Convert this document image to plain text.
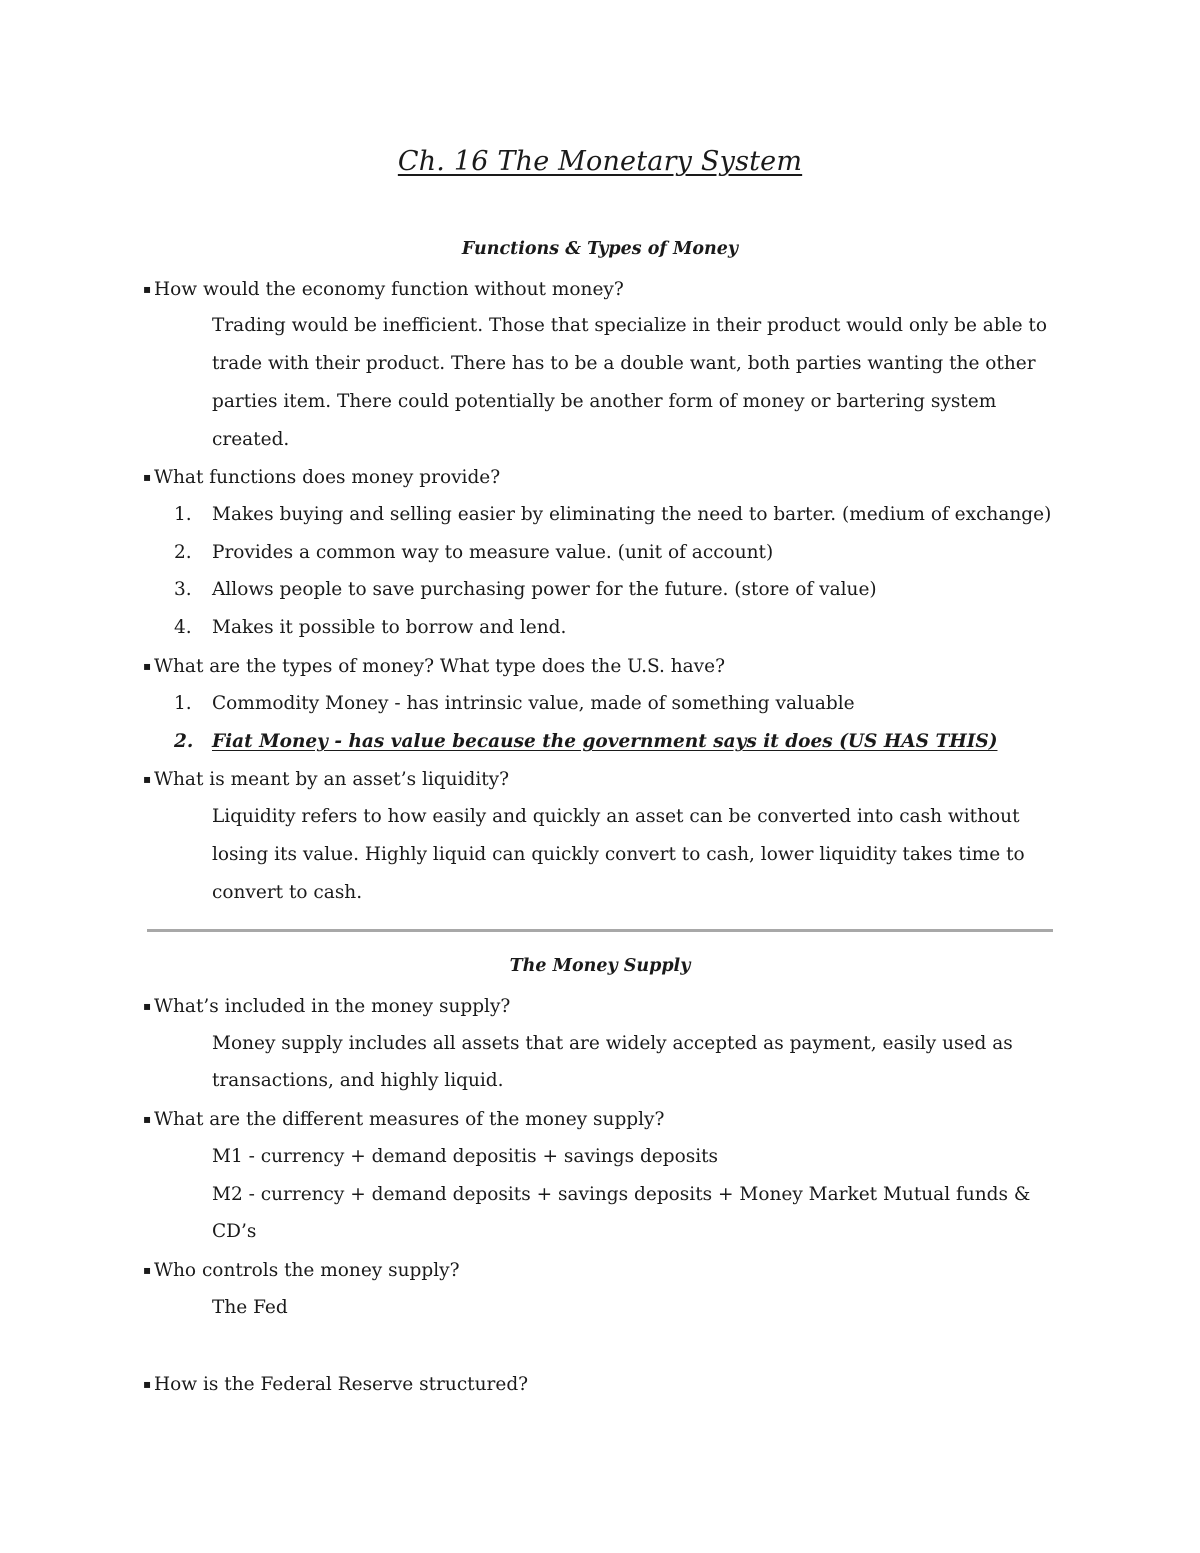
Ch. 16 The Monetary System
Functions & Types of Money
▪ How would the economy function without money?
Trading would be inefficient. Those that specialize in their product would only be able to
trade with their product. There has to be a double want, both parties wanting the other
parties item. There could potentially be another form of money or bartering system
created.
▪ What functions does money provide?
1. Makes buying and selling easier by eliminating the need to barter. (medium of exchange)
2. Provides a common way to measure value. (unit of account)
3. Allows people to save purchasing power for the future. (store of value)
4. Makes it possible to borrow and lend.
▪ What are the types of money? What type does the U.S. have?
1. Commodity Money - has intrinsic value, made of something valuable
2. Fiat Money - has value because the government says it does (US HAS THIS)
▪ What is meant by an asset’s liquidity?
Liquidity refers to how easily and quickly an asset can be converted into cash without
losing its value. Highly liquid can quickly convert to cash, lower liquidity takes time to
convert to cash.
The Money Supply
▪ What’s included in the money supply?
Money supply includes all assets that are widely accepted as payment, easily used as
transactions, and highly liquid.
▪ What are the different measures of the money supply?
M1 - currency + demand depositis + savings deposits
M2 - currency + demand deposits + savings deposits + Money Market Mutual funds &
CD’s
▪ Who controls the money supply?
The Fed
▪ How is the Federal Reserve structured?
